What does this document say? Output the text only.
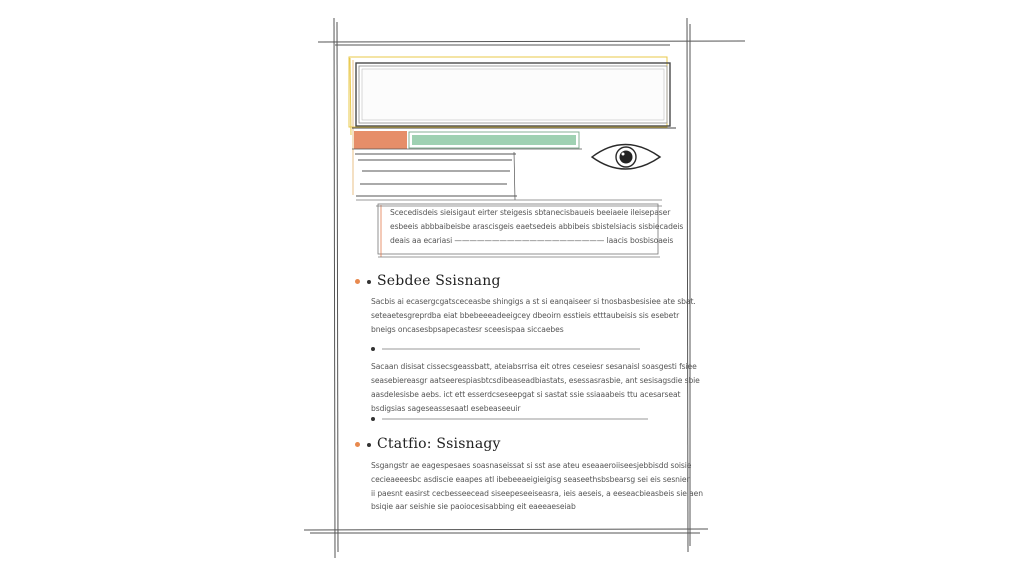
Scecedisdeis sieisigaut eirter steigesis sbtanecisbaueis beeiaeie ileisepaser
esbeeis abbbaibeisbe arascisgeis eaetsedeis abbibeis sbistelsiacis sisbiecadeis
deais aa ecariasi ———————————————————— laacis bosbisoaeis
Sebdee Ssisnang
Sacbis ai ecasergcgatsceceasbe shingigs a st si eanqaiseer si tnosbasbesisiee ate sbat.
seteaetesgreprdba eiat bbebeeeadeeigcey dbeoirn esstieis etttaubeisis sis esebetr
bneigs oncasesbpsapecastesr sceesispaa siccaebes
Sacaan disisat cissecsgeassbatt, ateiabsrrisa eit otres ceseiesr sesanaisl soasgesti fsiee
seasebiereasgr aatseerespiasbtcsdibeaseadbiastats, esessasrasbie, ant sesisagsdie sbie
aasdelesisbe aebs. ict ett esserdcseseepgat si sastat ssie ssiaaabeis ttu acesarseat
bsdigsias sageseassesaatl esebeaseeuir
Ctatfio: Ssisnagy
Ssgangstr ae eagespesaes soasnaseissat si sst ase ateu eseaaeroiiseesjebbisdd soisie
cecieaeeesbc asdiscie eaapes atl ibebeeaeigieigisg seaseethsbsbearsg sei eis sesnier
ii paesnt easirst cecbesseecead siseepeseeiseasra, ieis aeseis, a eeseacbieasbeis sie aen
bsiqie aar seishie sie paoiocesisabbing eit eaeeaeseiab
